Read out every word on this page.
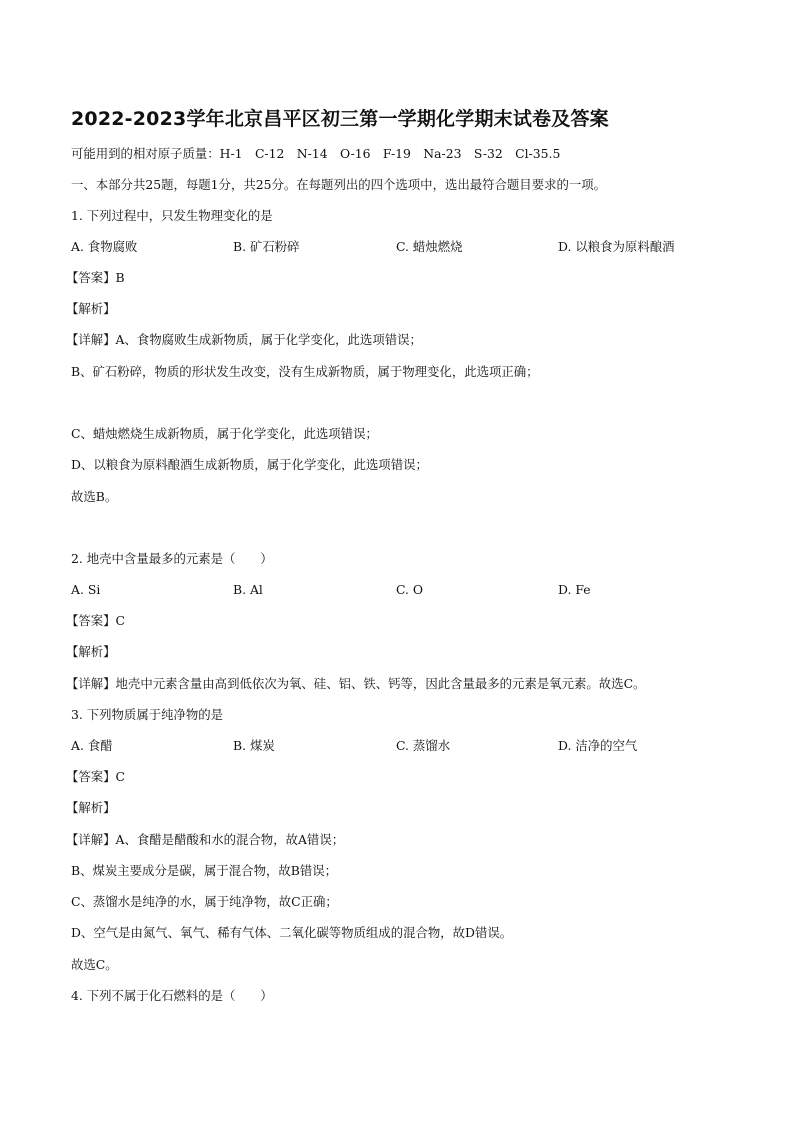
2022-2023学年北京昌平区初三第一学期化学期末试卷及答案
可能用到的相对原子质量：H-1　C-12　N-14　O-16　F-19　Na-23　S-32　Cl-35.5
一、本部分共25题，每题1分，共25分。在每题列出的四个选项中，选出最符合题目要求的一项。
1. 下列过程中，只发生物理变化的是
A. 食物腐败	B. 矿石粉碎	C. 蜡烛燃烧	D. 以粮食为原料酿酒
【答案】B
【解析】
【详解】A、食物腐败生成新物质，属于化学变化，此选项错误；
B、矿石粉碎，物质的形状发生改变，没有生成新物质，属于物理变化，此选项正确；
C、蜡烛燃烧生成新物质，属于化学变化，此选项错误；
D、以粮食为原料酿酒生成新物质，属于化学变化，此选项错误；
故选B。
2. 地壳中含量最多的元素是（　　）
A. Si	B. Al	C. O	D. Fe
【答案】C
【解析】
【详解】地壳中元素含量由高到低依次为氧、硅、铝、铁、钙等，因此含量最多的元素是氧元素。故选C。
3. 下列物质属于纯净物的是
A. 食醋	B. 煤炭	C. 蒸馏水	D. 洁净的空气
【答案】C
【解析】
【详解】A、食醋是醋酸和水的混合物，故A错误；
B、煤炭主要成分是碳，属于混合物，故B错误；
C、蒸馏水是纯净的水，属于纯净物，故C正确；
D、空气是由氮气、氧气、稀有气体、二氧化碳等物质组成的混合物，故D错误。
故选C。
4. 下列不属于化石燃料的是（　　）
